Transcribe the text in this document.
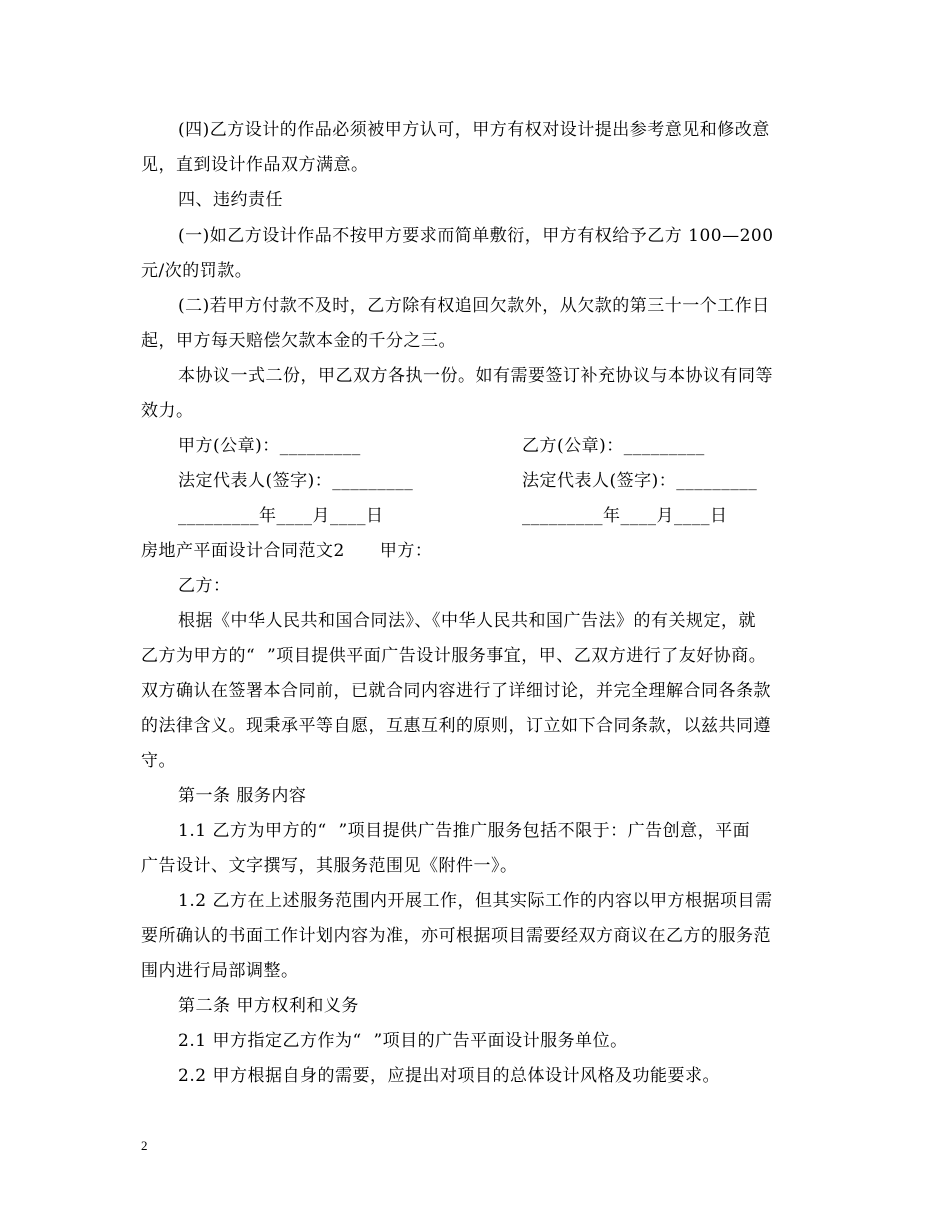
(四)乙方设计的作品必须被甲方认可，甲方有权对设计提出参考意见和修改意
见，直到设计作品双方满意。
四、违约责任
(一)如乙方设计作品不按甲方要求而简单敷衍，甲方有权给予乙方 100—200
元/次的罚款。
(二)若甲方付款不及时，乙方除有权追回欠款外，从欠款的第三十一个工作日
起，甲方每天赔偿欠款本金的千分之三。
本协议一式二份，甲乙双方各执一份。如有需要签订补充协议与本协议有同等
效力。
甲方(公章)：_________	乙方(公章)：_________
法定代表人(签字)：_________	法定代表人(签字)：_________
_________年____月____日	_________年____月____日
房地产平面设计合同范文2　　甲方：
乙方：
根据《中华人民共和国合同法》、《中华人民共和国广告法》的有关规定，就
乙方为甲方的“  ”项目提供平面广告设计服务事宜，甲、乙双方进行了友好协商。
双方确认在签署本合同前，已就合同内容进行了详细讨论，并完全理解合同各条款
的法律含义。现秉承平等自愿，互惠互利的原则，订立如下合同条款，以兹共同遵
守。
第一条 服务内容
1.1 乙方为甲方的“  ”项目提供广告推广服务包括不限于：广告创意，平面
广告设计、文字撰写，其服务范围见《附件一》。
1.2 乙方在上述服务范围内开展工作，但其实际工作的内容以甲方根据项目需
要所确认的书面工作计划内容为准，亦可根据项目需要经双方商议在乙方的服务范
围内进行局部调整。
第二条 甲方权利和义务
2.1 甲方指定乙方作为“  ”项目的广告平面设计服务单位。
2.2 甲方根据自身的需要，应提出对项目的总体设计风格及功能要求。
2
